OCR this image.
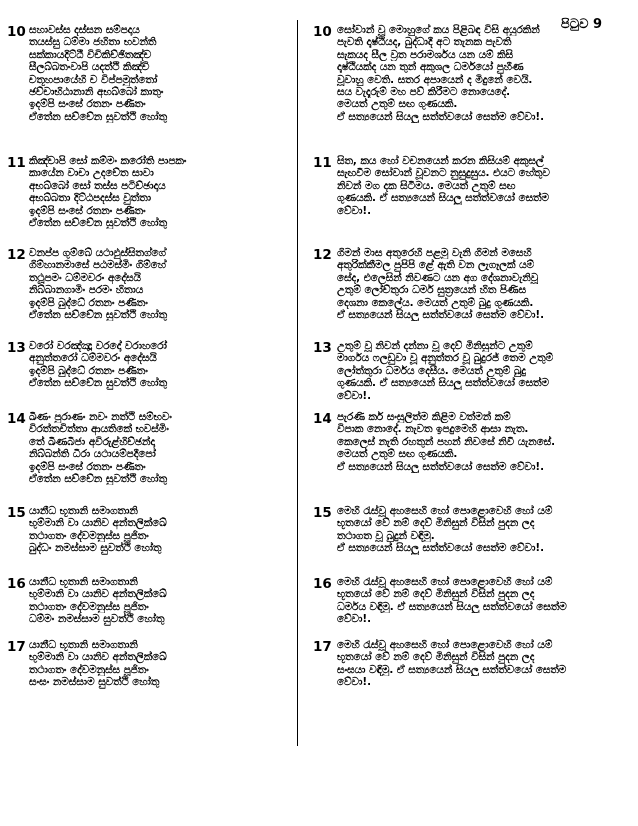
පිටුව 9
10 සහාවස්ස දස්සන සම්පදාය
තයස්සු ධම්මා ජහිතා භවන්ති
සක්කායදිට්ඨී විචිකිච්ඡිතඤ්ච
සීලබ්බතංවාපි යදත්ථි කිඤ්චි
චතූහපායේහි ච විප්පමුත්තෝ
ඡච්චාභිඨානානි අභබ්බෝ කාතුං
ඉදම්පි සංඝේ රතනං පණීතං
ඒතේන සච්චේන සුවත්ථි හෝතු
11 කිඤ්චාපි සෝ කම්මං කරෝති පාපකං
කායේන වාචා උදචේත සාවා
අභබ්බෝ සෝ තස්ස පටිච්ඡාදාය
අභබ්බතා දිට්ඨපදස්ස වුත්තා
ඉදම්පි සංඝේ රතනං පණීතං
ඒතේන සච්චේන සුවත්ථි හෝතු
12 වනප්ප ගුම්බේ යථාඵුස්සිතග්ගේ
ගිම්හානමාසේ පඨමස්මිං ගිම්හේ
තථූපමං ධම්මවරං අදේසයි
නිබ්බානගාමිං පරමං හිතාය
ඉදම්පි බුද්ධේ රතනං පණීතං
ඒතේන සච්චේන සුවත්ථි හෝතු
13 වරෝ වරඤ්ඤූ වරදෝ වරාහරෝ
අනුත්තරෝ ධම්මවරං අදේසයි
ඉදම්පි බුද්ධේ රතනං පණීතං
ඒතේන සච්චේන සුවත්ථි හෝතු
14 ඛීණං පුරාණං නවං නත්ථි සම්භවං
විරත්තචිත්තා ආයතිකේ භවස්මිං
තේ ඛීණබීජා අවිරුළ්හිච්ඡන්දා
නිබ්බන්ති ධීරා යථායම්පදීපෝ
ඉදම්පි සංඝේ රතනං පණීතං
ඒතේන සච්චේන සුවත්ථි හෝතු
15 යානීධ භූතානි සමාගතානි
භුම්මානි වා යානිව අන්තලික්ඛේ
තථාගතං දේවමනුස්ස පූජිතං
බුද්ධං නමස්සාම සුවත්ථි හෝතු
16 යානීධ භූතානි සමාගතානි
භුම්මානි වා යානිව අන්තලික්ඛේ
තථාගතං දේවමනුස්ස පූජිතං
ධම්මං නමස්සාම සුවත්ථි හෝතු
17 යානීධ භූතානි සමාගතානි
භුම්මානි වා යානිව අන්තලික්ඛේ
තථාගතං දේවමනුස්ස පූජිතං
සංඝං නමස්සාම සුවත්ථි හෝතු
10 සෝවාන් වූ මොහුගේ කය පිළිබඳ විසි අයුරකින්
පැවති දෘෂ්ඨියද, බුද්ධාදී අට තැනක පැවති
සැකයද සීල ව්‍රත පරාමර්ශය යන යම් කිසි
දෘෂ්ඨියක්ද යන තුන් අකුශල ධර්මයෝ පුහීණ
වූවාහු වෙති. සතර අපායෙන් ද මිදුනේ වෙයි.
සය වැදෑරුම් මහ පව් කිරීමට නොයෙදේ.
මෙයත් උතුම් සඟ ගුණයකි.
ඒ සත්‍යයෙන් සියලු සත්ත්වයෝ සෙත්ම වේවා!.
11 සිත, කය හෝ වචනයෙන් කරන කිසියම් අකුසල්
සැඟවීම සෝවාන් වූවනට නුසුදුසුය. එයට හේතුව
නිවන් මග දක සිටීමය. මෙයත් උතුම් සඟ
ගුණයකි. ඒ සත්‍යයෙන් සියලු සත්ත්වයෝ සෙත්ම
වේවා!.
12 ගිමන් මාස අතුරෙහි පළමු වැනි ගිමන් මසෙහි
අතුරික්කීමල පුපිපි ළේ ඇති වන ලැගෑලක් යම්
සේද, එලෙසින් නිවණට යන අග දේශනාවැනිවූ
උතුම් ලෝච්තුරා ධර්ම සුත්‍රයෙන් හිත පිණිස
දෙශනා කෙලේය. මෙයත් උතුම් බුදු ගුණයකි.
ඒ සත්‍යයෙන් සියලු සත්ත්වයෝ සෙත්ම වේවා!.
13 උතුම් වූ නිවන් දන්නා වූ දෙව් මිනිසුන්ට උතුම්
මාර්ගය ෆලඩුවා වූ අනුත්තර වූ බුදුරජ් තෙම උතුම්
ලෝත්තුරා ධර්මය දෙසීය. මෙයත් උතුම් බුදු
ගුණයකි. ඒ සත්‍යයෙන් සියලු සත්ත්වයෝ සෙත්ම
වේවා!.
14 පැරණි කර් සංසුලිත්ම කිළිම වත්මන් කම්
විපාක නොදේ. නැවත ඉපදුමෙහි ආසා නැත.
කෙලෙස් නැති රහතුන් පහන් නිවසේ නිවී යැනසේ.
මෙයත් උතුම් සඟ ගුණයකි.
ඒ සත්‍යයෙන් සියලු සත්ත්වයෝ සෙත්ම වේවා!.
15 මෙහි රැස්වූ අහසෙහි හෝ පොළොවෙහි හෝ යම්
භූතයෝ වේ නම් දෙව් මිනිසුන් විසින් පුදන ලද
තථාගත වූ බුදුන් වඳිමු.
ඒ සත්‍යයෙන් සියලු සත්ත්වයෝ සෙත්ම වේවා!.
16 මෙහි රැස්වූ අහසෙහි හෝ පොළොවෙහි හෝ යම්
භූතයෝ වේ නම් දෙව් මිනිසුන් විසින් පුදන ලද
ධර්මය වඳිමු. ඒ සත්‍යයෙන් සියලු සත්ත්වයෝ සෙත්ම
වේවා!.
17 මෙහි රැස්වූ අහසෙහි හෝ පොළොවෙහි හෝ යම්
භූතයෝ වේ නම් දෙව් මිනිසුන් විසින් පුදන ලද
සංඝයා වඳිමු. ඒ සත්‍යයෙන් සියලු සත්ත්වයෝ සෙත්ම
වේවා!.
